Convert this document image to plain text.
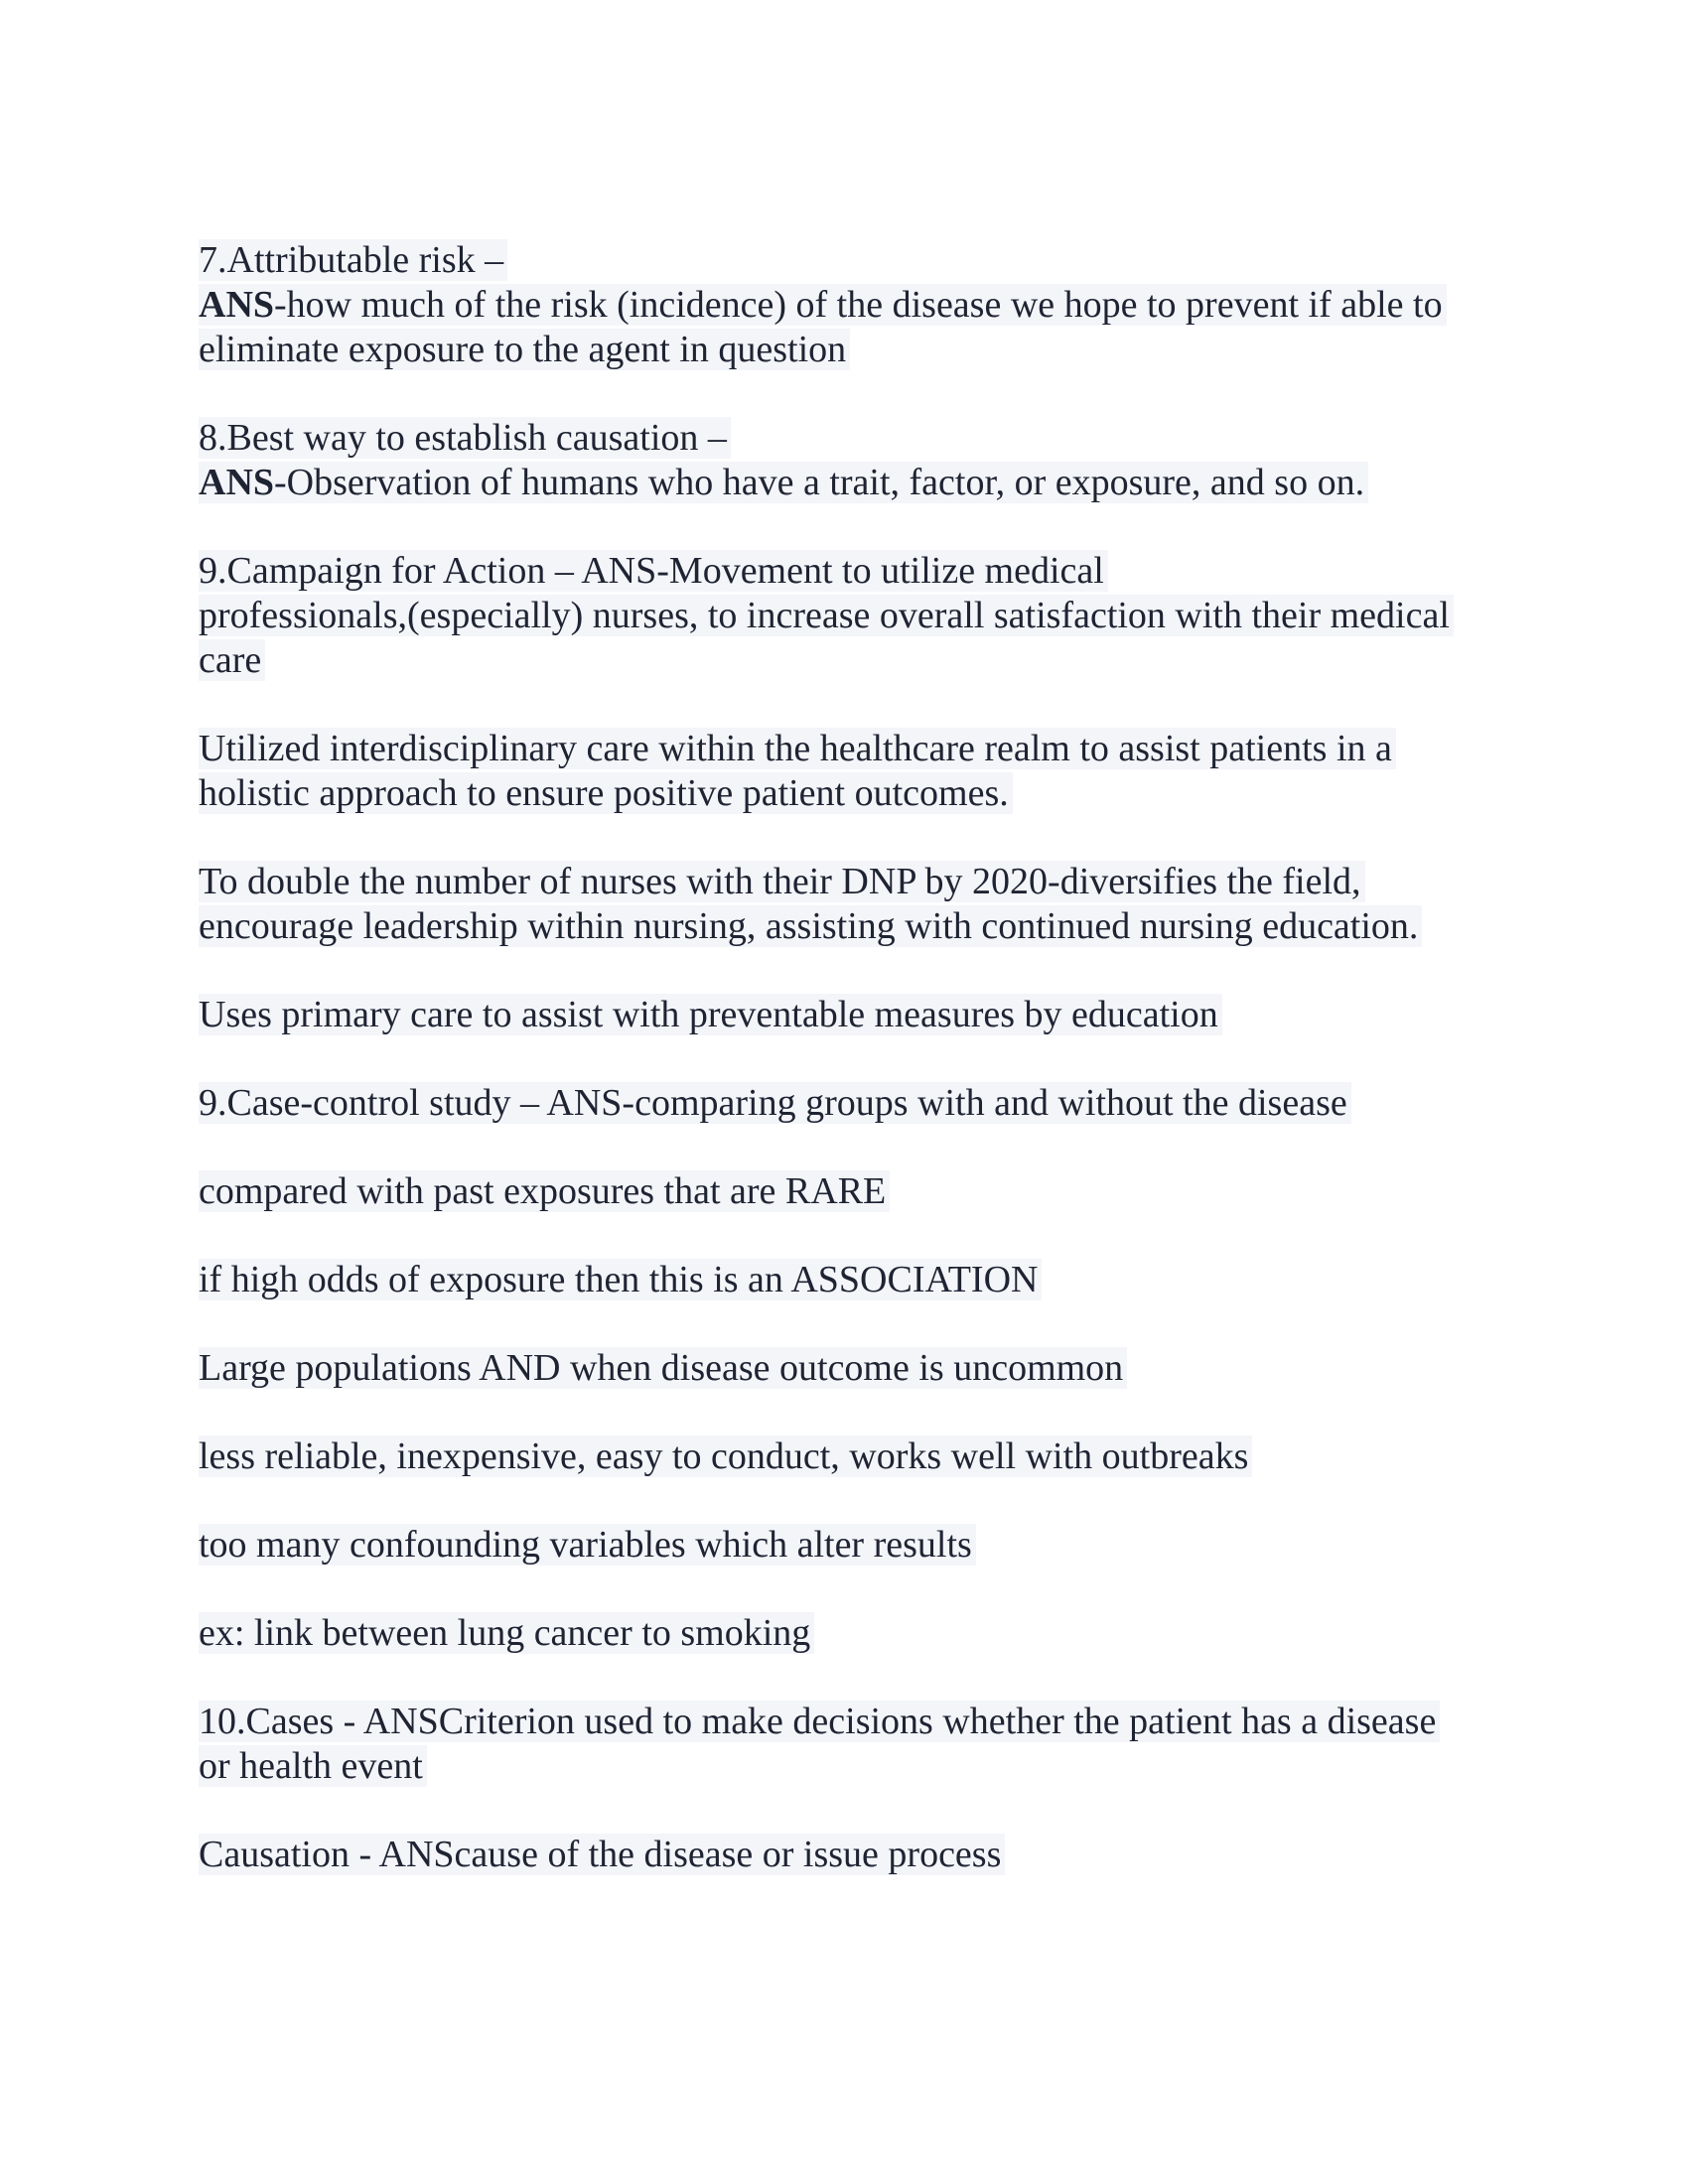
7.Attributable risk –
ANS-how much of the risk (incidence) of the disease we hope to prevent if able to
eliminate exposure to the agent in question
8.Best way to establish causation –
ANS-Observation of humans who have a trait, factor, or exposure, and so on.
9.Campaign for Action – ANS-Movement to utilize medical
professionals,(especially) nurses, to increase overall satisfaction with their medical
care
Utilized interdisciplinary care within the healthcare realm to assist patients in a
holistic approach to ensure positive patient outcomes.
To double the number of nurses with their DNP by 2020-diversifies the field,
encourage leadership within nursing, assisting with continued nursing education.
Uses primary care to assist with preventable measures by education
9.Case-control study – ANS-comparing groups with and without the disease
compared with past exposures that are RARE
if high odds of exposure then this is an ASSOCIATION
Large populations AND when disease outcome is uncommon
less reliable, inexpensive, easy to conduct, works well with outbreaks
too many confounding variables which alter results
ex: link between lung cancer to smoking
10.Cases - ANSCriterion used to make decisions whether the patient has a disease
or health event
Causation - ANScause of the disease or issue process
